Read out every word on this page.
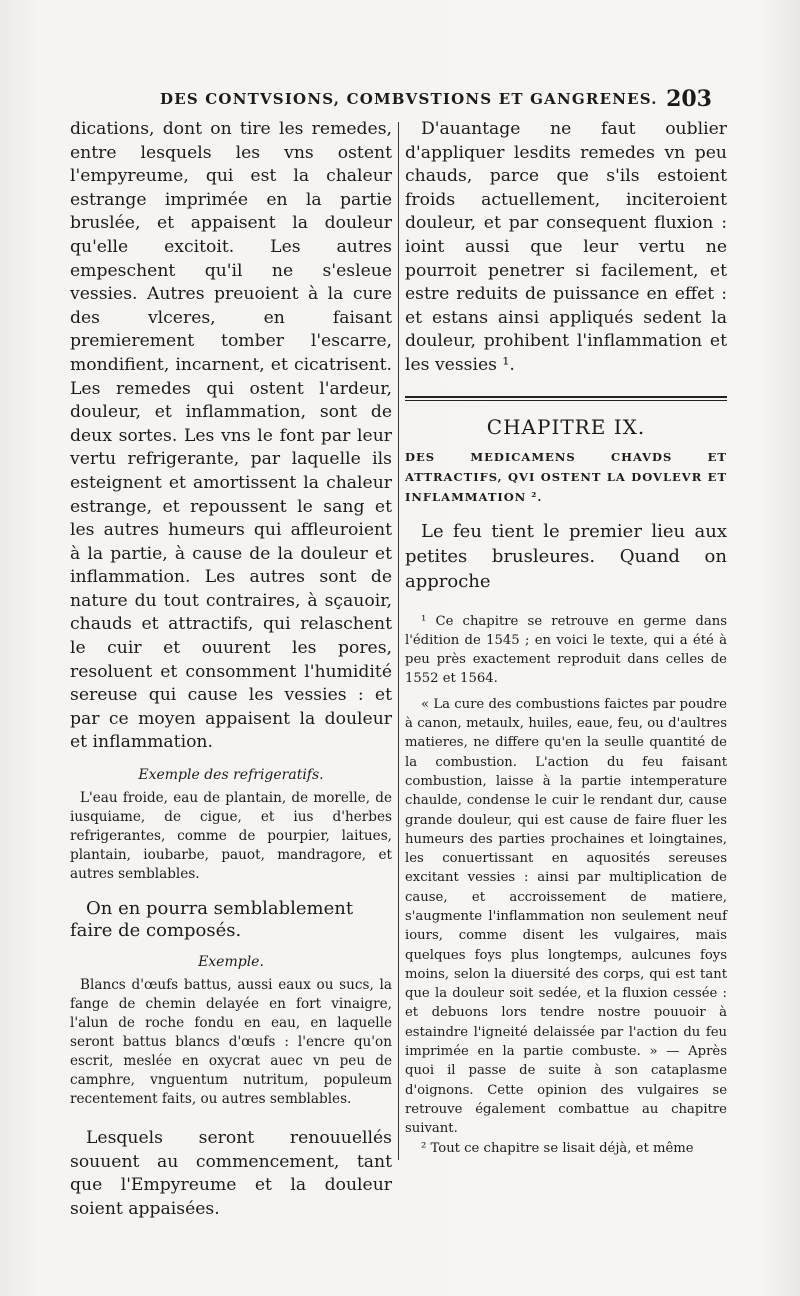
DES CONTVSIONS, COMBVSTIONS ET GANGRENES. 203

dications, dont on tire les remedes, entre lesquels les vns ostent l'empyreume, qui est la chaleur estrange imprimée en la partie bruslée, et appaisent la douleur qu'elle excitoit. Les autres empeschent qu'il ne s'esleue vessies. Autres preuoient à la cure des vlceres, en faisant premierement tomber l'escarre, mondifient, incarnent, et cicatrisent. Les remedes qui ostent l'ardeur, douleur, et inflammation, sont de deux sortes. Les vns le font par leur vertu refrigerante, par laquelle ils esteignent et amortissent la chaleur estrange, et repoussent le sang et les autres humeurs qui affleuroient à la partie, à cause de la douleur et inflammation. Les autres sont de nature du tout contraires, à sçauoir, chauds et attractifs, qui relaschent le cuir et ouurent les pores, resoluent et consomment l'humidité sereuse qui cause les vessies : et par ce moyen appaisent la douleur et inflammation.

Exemple des refrigeratifs.

L'eau froide, eau de plantain, de morelle, de iusquiame, de cigue, et ius d'herbes refrigerantes, comme de pourpier, laitues, plantain, ioubarbe, pauot, mandragore, et autres semblables.

On en pourra semblablement faire de composés.

Exemple.

Blancs d'œufs battus, aussi eaux ou sucs, la fange de chemin delayée en fort vinaigre, l'alun de roche fondu en eau, en laquelle seront battus blancs d'œufs : l'encre qu'on escrit, meslée en oxycrat auec vn peu de camphre, vnguentum nutritum, populeum recentement faits, ou autres semblables.

Lesquels seront renouuellés souuent au commencement, tant que l'Empyreume et la douleur soient appaisées.

D'auantage ne faut oublier d'appliquer lesdits remedes vn peu chauds, parce que s'ils estoient froids actuellement, inciteroient douleur, et par consequent fluxion : ioint aussi que leur vertu ne pourroit penetrer si facilement, et estre reduits de puissance en effet : et estans ainsi appliqués sedent la douleur, prohibent l'inflammation et les vessies ¹.

CHAPITRE IX.

DES MEDICAMENS CHAVDS ET ATTRACTIFS, QVI OSTENT LA DOVLEVR ET INFLAMMATION ².

Le feu tient le premier lieu aux petites brusleures. Quand on approche

¹ Ce chapitre se retrouve en germe dans l'édition de 1545 ; en voici le texte, qui a été à peu près exactement reproduit dans celles de 1552 et 1564.

« La cure des combustions faictes par poudre à canon, metaulx, huiles, eaue, feu, ou d'aultres matieres, ne differe qu'en la seulle quantité de la combustion. L'action du feu faisant combustion, laisse à la partie intemperature chaulde, condense le cuir le rendant dur, cause grande douleur, qui est cause de faire fluer les humeurs des parties prochaines et loingtaines, les conuertissant en aquosités sereuses excitant vessies : ainsi par multiplication de cause, et accroissement de matiere, s'augmente l'inflammation non seulement neuf iours, comme disent les vulgaires, mais quelques foys plus longtemps, aulcunes foys moins, selon la diuersité des corps, qui est tant que la douleur soit sedée, et la fluxion cessée : et debuons lors tendre nostre pouuoir à estaindre l'igneité delaissée par l'action du feu imprimée en la partie combuste. » — Après quoi il passe de suite à son cataplasme d'oignons. Cette opinion des vulgaires se retrouve également combattue au chapitre suivant.

² Tout ce chapitre se lisait déjà, et même
